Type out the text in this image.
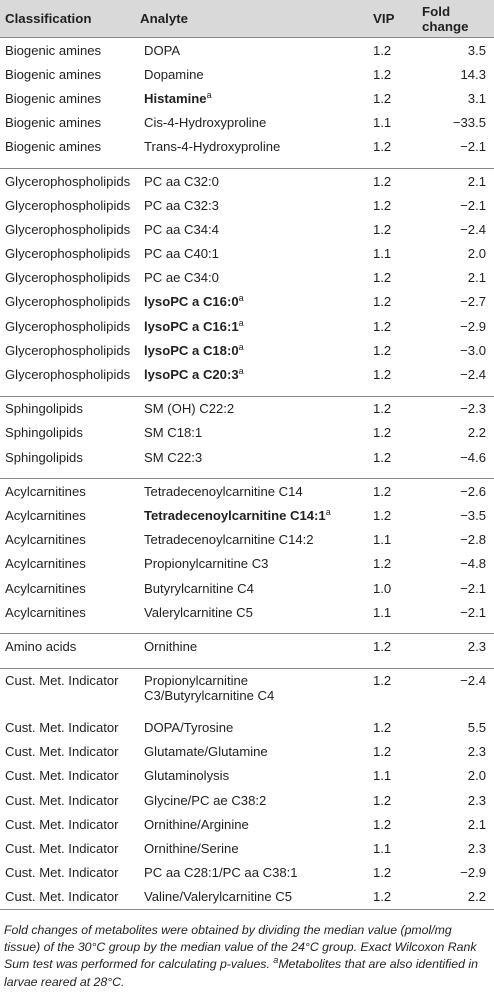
Classification	Analyte	VIP	Fold change
Biogenic amines	DOPA	1.2	3.5
Biogenic amines	Dopamine	1.2	14.3
Biogenic amines	Histamine$^a$	1.2	3.1
Biogenic amines	Cis-4-Hydroxyproline	1.1	−33.5
Biogenic amines	Trans-4-Hydroxyproline	1.2	−2.1

Glycerophospholipids	PC aa C32:0	1.2	2.1
Glycerophospholipids	PC aa C32:3	1.2	−2.1
Glycerophospholipids	PC aa C34:4	1.2	−2.4
Glycerophospholipids	PC aa C40:1	1.1	2.0
Glycerophospholipids	PC ae C34:0	1.2	2.1
Glycerophospholipids	lysoPC a C16:0$^a$	1.2	−2.7
Glycerophospholipids	lysoPC a C16:1$^a$	1.2	−2.9
Glycerophospholipids	lysoPC a C18:0$^a$	1.2	−3.0
Glycerophospholipids	lysoPC a C20:3$^a$	1.2	−2.4

Sphingolipids	SM (OH) C22:2	1.2	−2.3
Sphingolipids	SM C18:1	1.2	2.2
Sphingolipids	SM C22:3	1.2	−4.6

Acylcarnitines	Tetradecenoylcarnitine C14	1.2	−2.6
Acylcarnitines	Tetradecenoylcarnitine C14:1$^a$	1.2	−3.5
Acylcarnitines	Tetradecenoylcarnitine C14:2	1.1	−2.8
Acylcarnitines	Propionylcarnitine C3	1.2	−4.8
Acylcarnitines	Butyrylcarnitine C4	1.0	−2.1
Acylcarnitines	Valerylcarnitine C5	1.1	−2.1

Amino acids	Ornithine	1.2	2.3

Cust. Met. Indicator	Propionylcarnitine
C3/Butyrylcarnitine C4	1.2	−2.4
Cust. Met. Indicator	DOPA/Tyrosine	1.2	5.5
Cust. Met. Indicator	Glutamate/Glutamine	1.2	2.3
Cust. Met. Indicator	Glutaminolysis	1.1	2.0
Cust. Met. Indicator	Glycine/PC ae C38:2	1.2	2.3
Cust. Met. Indicator	Ornithine/Arginine	1.2	2.1
Cust. Met. Indicator	Ornithine/Serine	1.1	2.3
Cust. Met. Indicator	PC aa C28:1/PC aa C38:1	1.2	−2.9
Cust. Met. Indicator	Valine/Valerylcarnitine C5	1.2	2.2
Fold changes of metabolites were obtained by dividing the median value (pmol/mg tissue) of the 30°C group by the median value of the 24°C group. Exact Wilcoxon Rank Sum test was performed for calculating p-values. $^a$Metabolites that are also identified in larvae reared at 28°C.
